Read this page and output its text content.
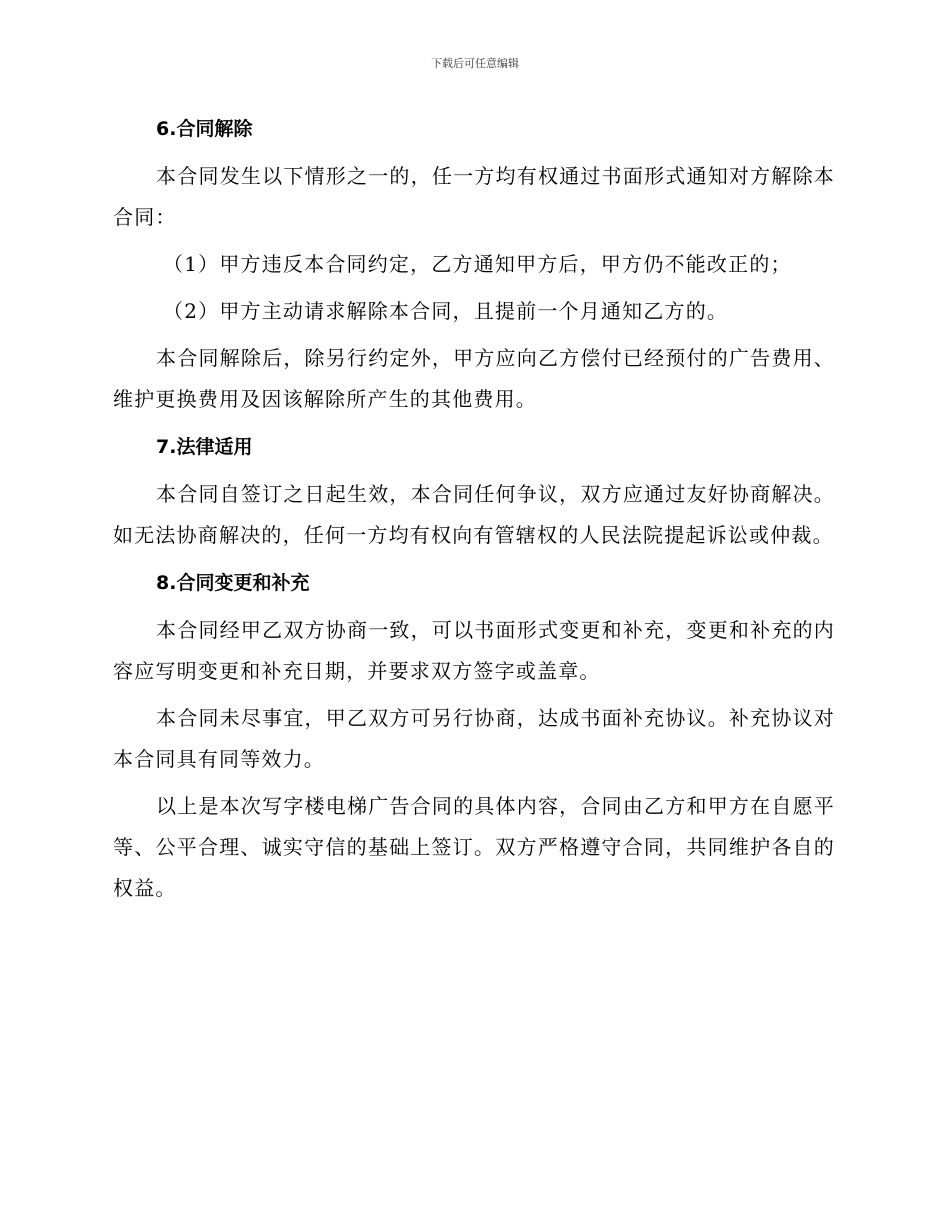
下载后可任意编辑
6.合同解除

本合同发生以下情形之一的，任一方均有权通过书面形式通知对方解除本合同：

（1）甲方违反本合同约定，乙方通知甲方后，甲方仍不能改正的；
（2）甲方主动请求解除本合同，且提前一个月通知乙方的。

本合同解除后，除另行约定外，甲方应向乙方偿付已经预付的广告费用、维护更换费用及因该解除所产生的其他费用。

7.法律适用

本合同自签订之日起生效，本合同任何争议，双方应通过友好协商解决。如无法协商解决的，任何一方均有权向有管辖权的人民法院提起诉讼或仲裁。

8.合同变更和补充

本合同经甲乙双方协商一致，可以书面形式变更和补充，变更和补充的内容应写明变更和补充日期，并要求双方签字或盖章。

本合同未尽事宜，甲乙双方可另行协商，达成书面补充协议。补充协议对本合同具有同等效力。

以上是本次写字楼电梯广告合同的具体内容，合同由乙方和甲方在自愿平等、公平合理、诚实守信的基础上签订。双方严格遵守合同，共同维护各自的权益。
